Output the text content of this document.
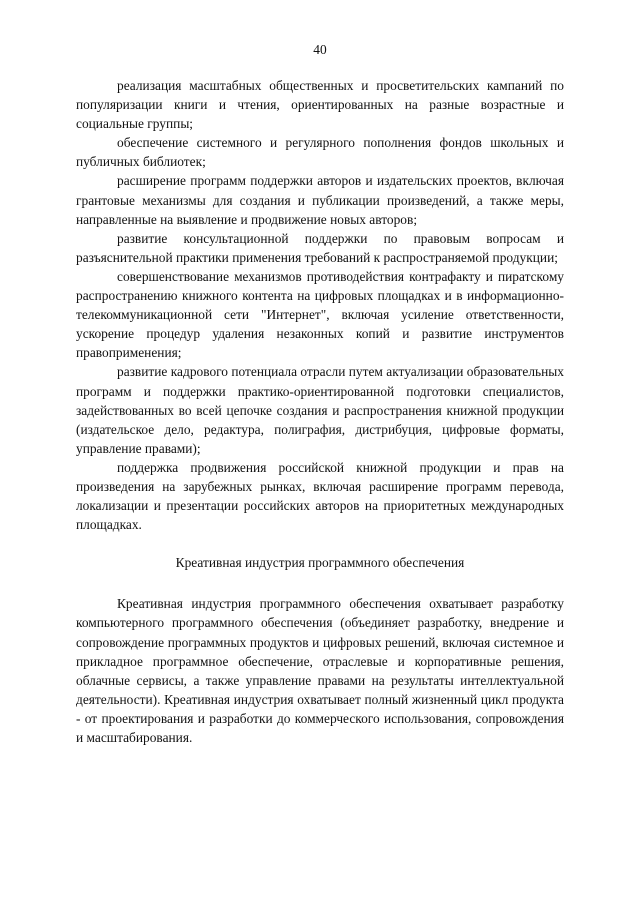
40

реализация масштабных общественных и просветительских кампаний по популяризации книги и чтения, ориентированных на разные возрастные и социальные группы;

обеспечение системного и регулярного пополнения фондов школьных и публичных библиотек;

расширение программ поддержки авторов и издательских проектов, включая грантовые механизмы для создания и публикации произведений, а также меры, направленные на выявление и продвижение новых авторов;

развитие консультационной поддержки по правовым вопросам и разъяснительной практики применения требований к распространяемой продукции;

совершенствование механизмов противодействия контрафакту и пиратскому распространению книжного контента на цифровых площадках и в информационно-телекоммуникационной сети "Интернет", включая усиление ответственности, ускорение процедур удаления незаконных копий и развитие инструментов правоприменения;

развитие кадрового потенциала отрасли путем актуализации образовательных программ и поддержки практико-ориентированной подготовки специалистов, задействованных во всей цепочке создания и распространения книжной продукции (издательское дело, редактура, полиграфия, дистрибуция, цифровые форматы, управление правами);

поддержка продвижения российской книжной продукции и прав на произведения на зарубежных рынках, включая расширение программ перевода, локализации и презентации российских авторов на приоритетных международных площадках.

Креативная индустрия программного обеспечения

Креативная индустрия программного обеспечения охватывает разработку компьютерного программного обеспечения (объединяет разработку, внедрение и сопровождение программных продуктов и цифровых решений, включая системное и прикладное программное обеспечение, отраслевые и корпоративные решения, облачные сервисы, а также управление правами на результаты интеллектуальной деятельности). Креативная индустрия охватывает полный жизненный цикл продукта - от проектирования и разработки до коммерческого использования, сопровождения и масштабирования.
